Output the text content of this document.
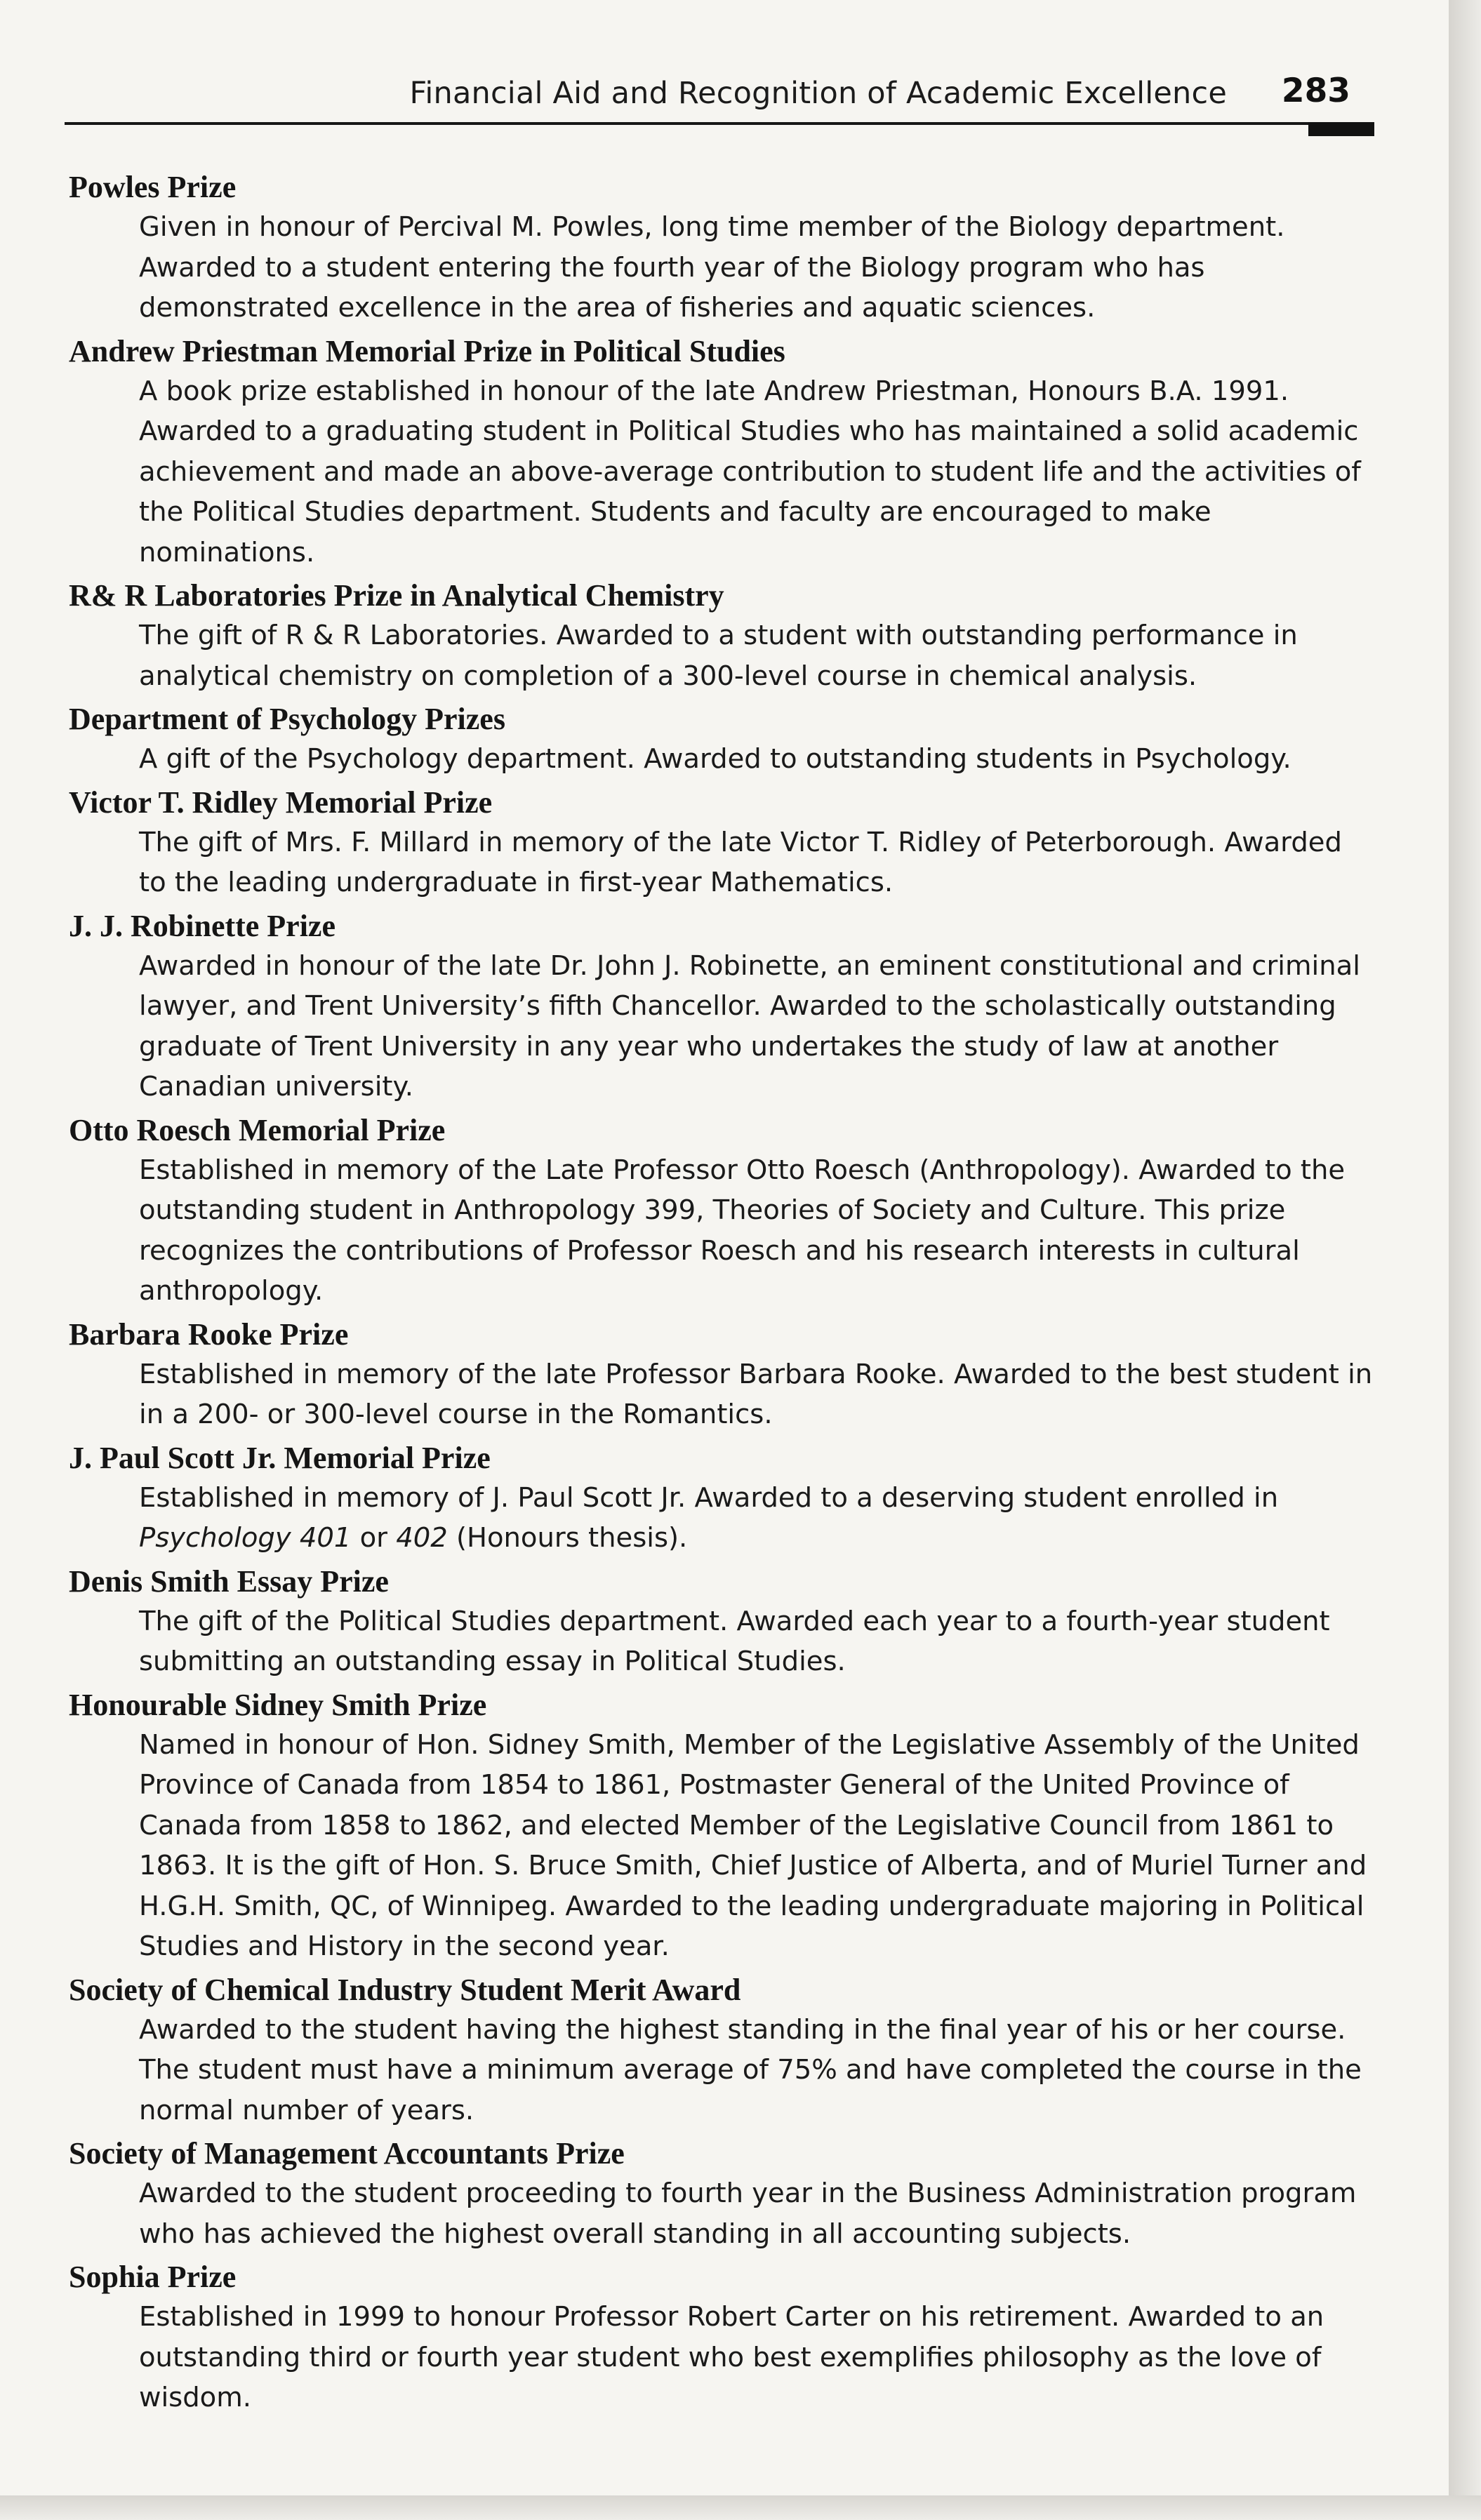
Financial Aid and Recognition of Academic Excellence 283
Powles Prize
Given in honour of Percival M. Powles, long time member of the Biology department. Awarded to a student entering the fourth year of the Biology program who has demonstrated excellence in the area of fisheries and aquatic sciences.
Andrew Priestman Memorial Prize in Political Studies
A book prize established in honour of the late Andrew Priestman, Honours B.A. 1991. Awarded to a graduating student in Political Studies who has maintained a solid academic achievement and made an above-average contribution to student life and the activities of the Political Studies department. Students and faculty are encouraged to make nominations.
R& R Laboratories Prize in Analytical Chemistry
The gift of R & R Laboratories. Awarded to a student with outstanding performance in analytical chemistry on completion of a 300-level course in chemical analysis.
Department of Psychology Prizes
A gift of the Psychology department. Awarded to outstanding students in Psychology.
Victor T. Ridley Memorial Prize
The gift of Mrs. F. Millard in memory of the late Victor T. Ridley of Peterborough. Awarded to the leading undergraduate in first-year Mathematics.
J. J. Robinette Prize
Awarded in honour of the late Dr. John J. Robinette, an eminent constitutional and criminal lawyer, and Trent University’s fifth Chancellor. Awarded to the scholastically outstanding graduate of Trent University in any year who undertakes the study of law at another Canadian university.
Otto Roesch Memorial Prize
Established in memory of the Late Professor Otto Roesch (Anthropology). Awarded to the outstanding student in Anthropology 399, Theories of Society and Culture. This prize recognizes the contributions of Professor Roesch and his research interests in cultural anthropology.
Barbara Rooke Prize
Established in memory of the late Professor Barbara Rooke. Awarded to the best student in in a 200- or 300-level course in the Romantics.
J. Paul Scott Jr. Memorial Prize
Established in memory of J. Paul Scott Jr. Awarded to a deserving student enrolled in Psychology 401 or 402 (Honours thesis).
Denis Smith Essay Prize
The gift of the Political Studies department. Awarded each year to a fourth-year student submitting an outstanding essay in Political Studies.
Honourable Sidney Smith Prize
Named in honour of Hon. Sidney Smith, Member of the Legislative Assembly of the United Province of Canada from 1854 to 1861, Postmaster General of the United Province of Canada from 1858 to 1862, and elected Member of the Legislative Council from 1861 to 1863. It is the gift of Hon. S. Bruce Smith, Chief Justice of Alberta, and of Muriel Turner and H.G.H. Smith, QC, of Winnipeg. Awarded to the leading undergraduate majoring in Political Studies and History in the second year.
Society of Chemical Industry Student Merit Award
Awarded to the student having the highest standing in the final year of his or her course. The student must have a minimum average of 75% and have completed the course in the normal number of years.
Society of Management Accountants Prize
Awarded to the student proceeding to fourth year in the Business Administration program who has achieved the highest overall standing in all accounting subjects.
Sophia Prize
Established in 1999 to honour Professor Robert Carter on his retirement. Awarded to an outstanding third or fourth year student who best exemplifies philosophy as the love of wisdom.
